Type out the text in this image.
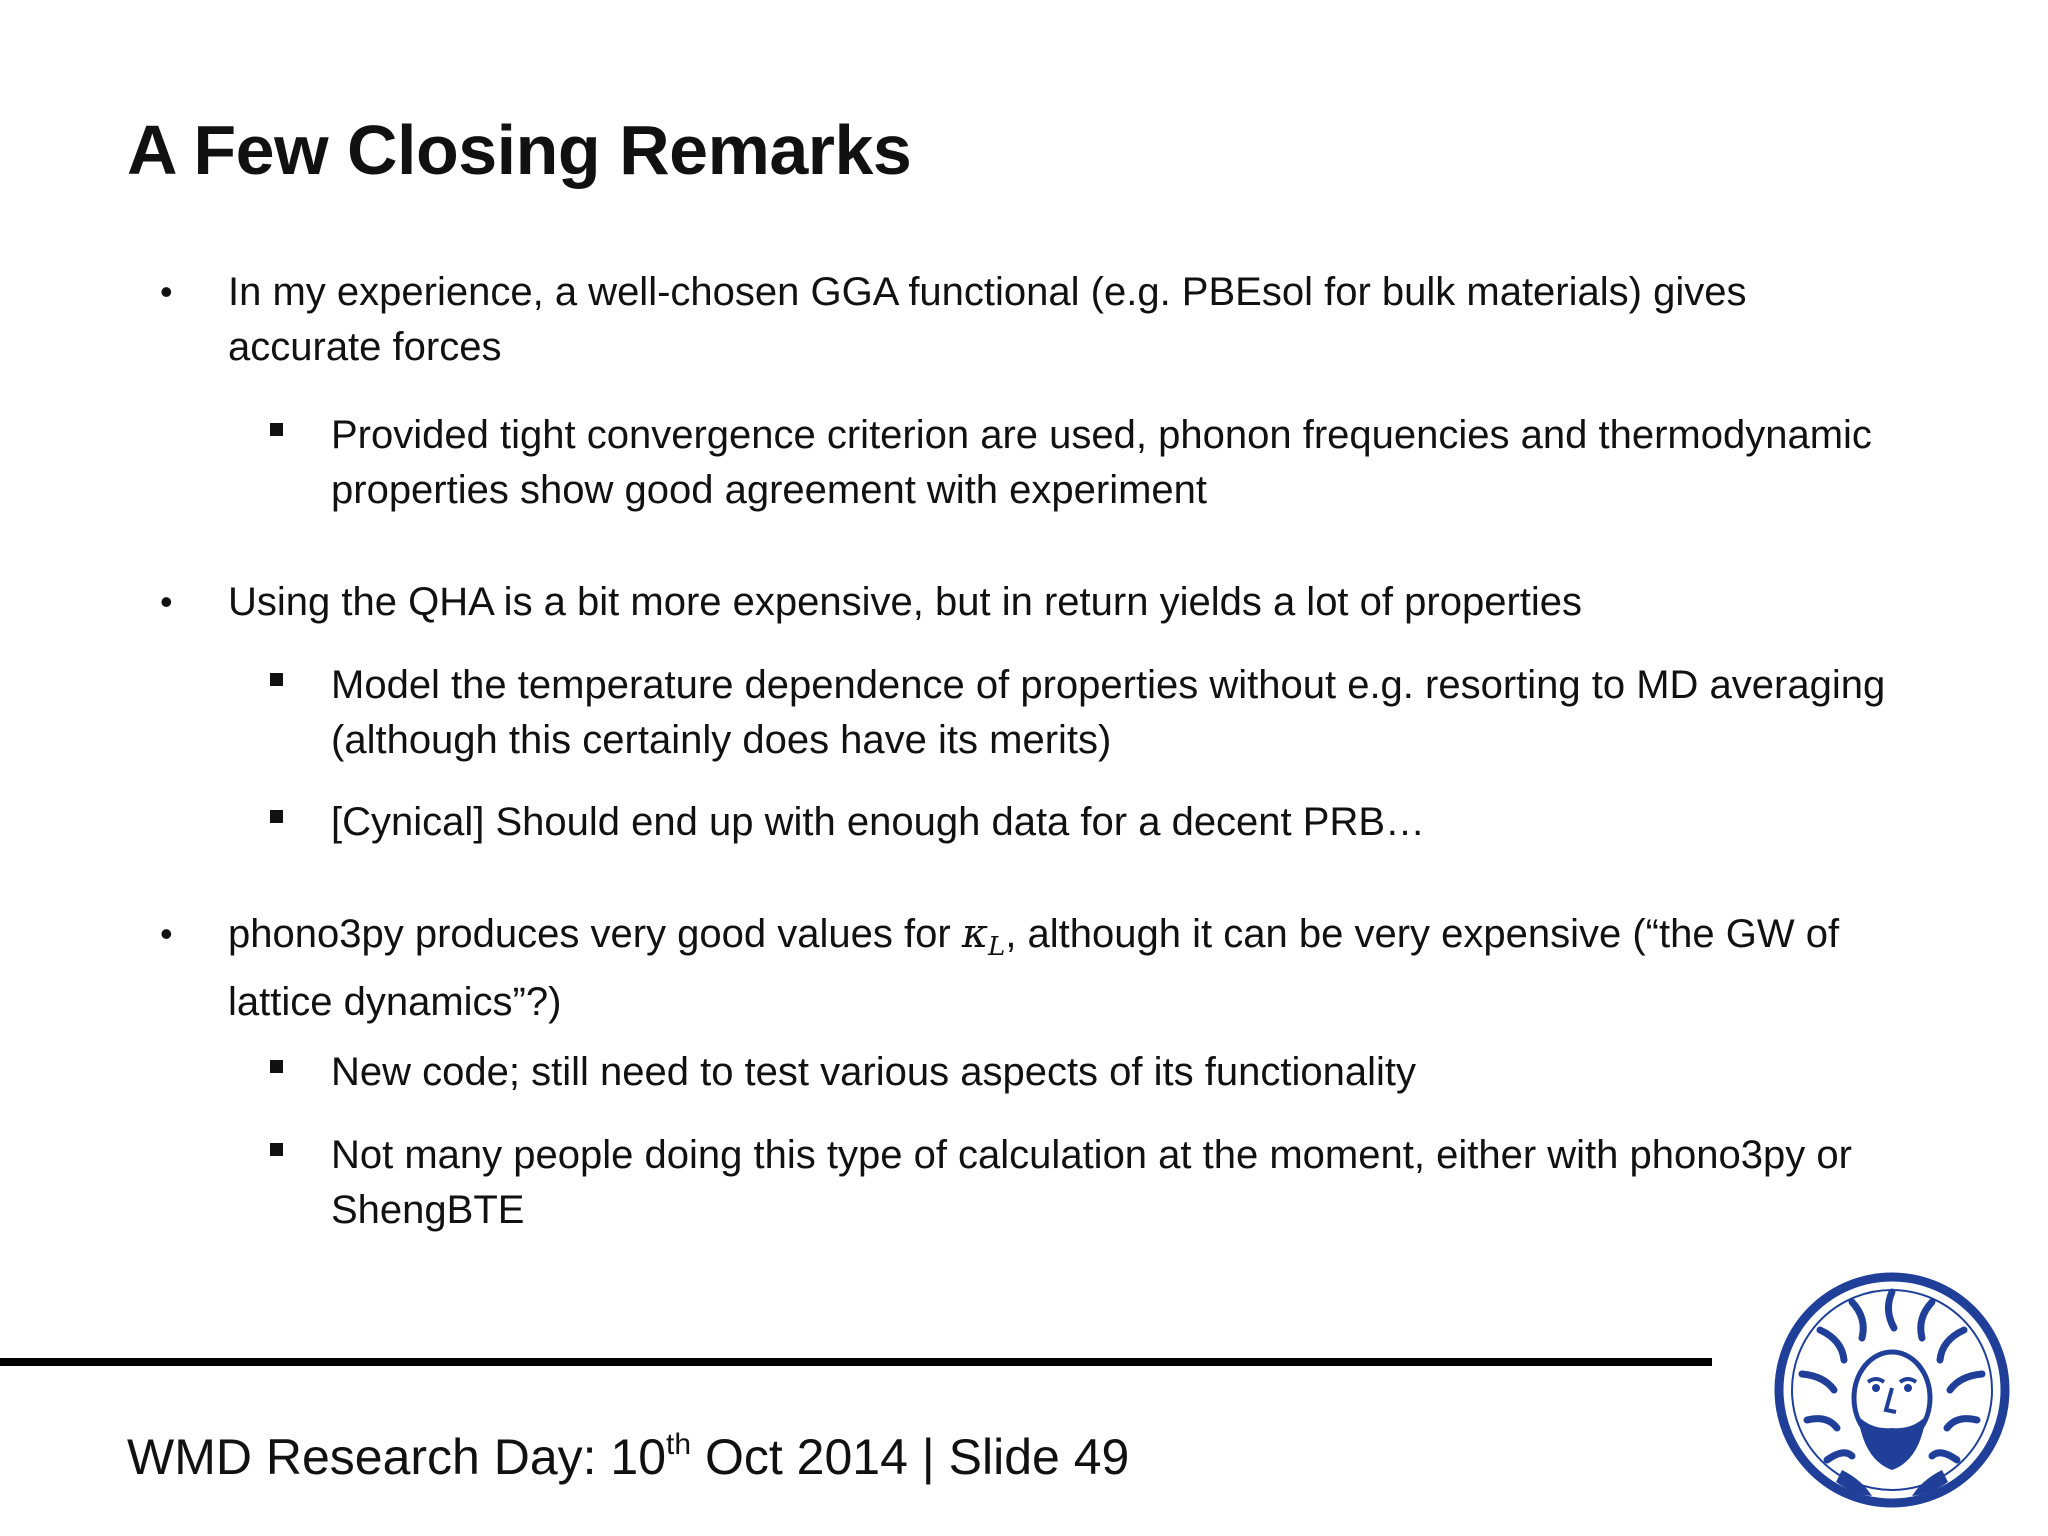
A Few Closing Remarks
• In my experience, a well-chosen GGA functional (e.g. PBEsol for bulk materials) gives accurate forces
Provided tight convergence criterion are used, phonon frequencies and thermodynamic properties show good agreement with experiment
• Using the QHA is a bit more expensive, but in return yields a lot of properties
Model the temperature dependence of properties without e.g. resorting to MD averaging (although this certainly does have its merits)
[Cynical] Should end up with enough data for a decent PRB…
• phono3py produces very good values for $\kappa_L$, although it can be very expensive (“the GW of lattice dynamics”?)
New code; still need to test various aspects of its functionality
Not many people doing this type of calculation at the moment, either with phono3py or ShengBTE
WMD Research Day: 10th Oct 2014 | Slide 49
